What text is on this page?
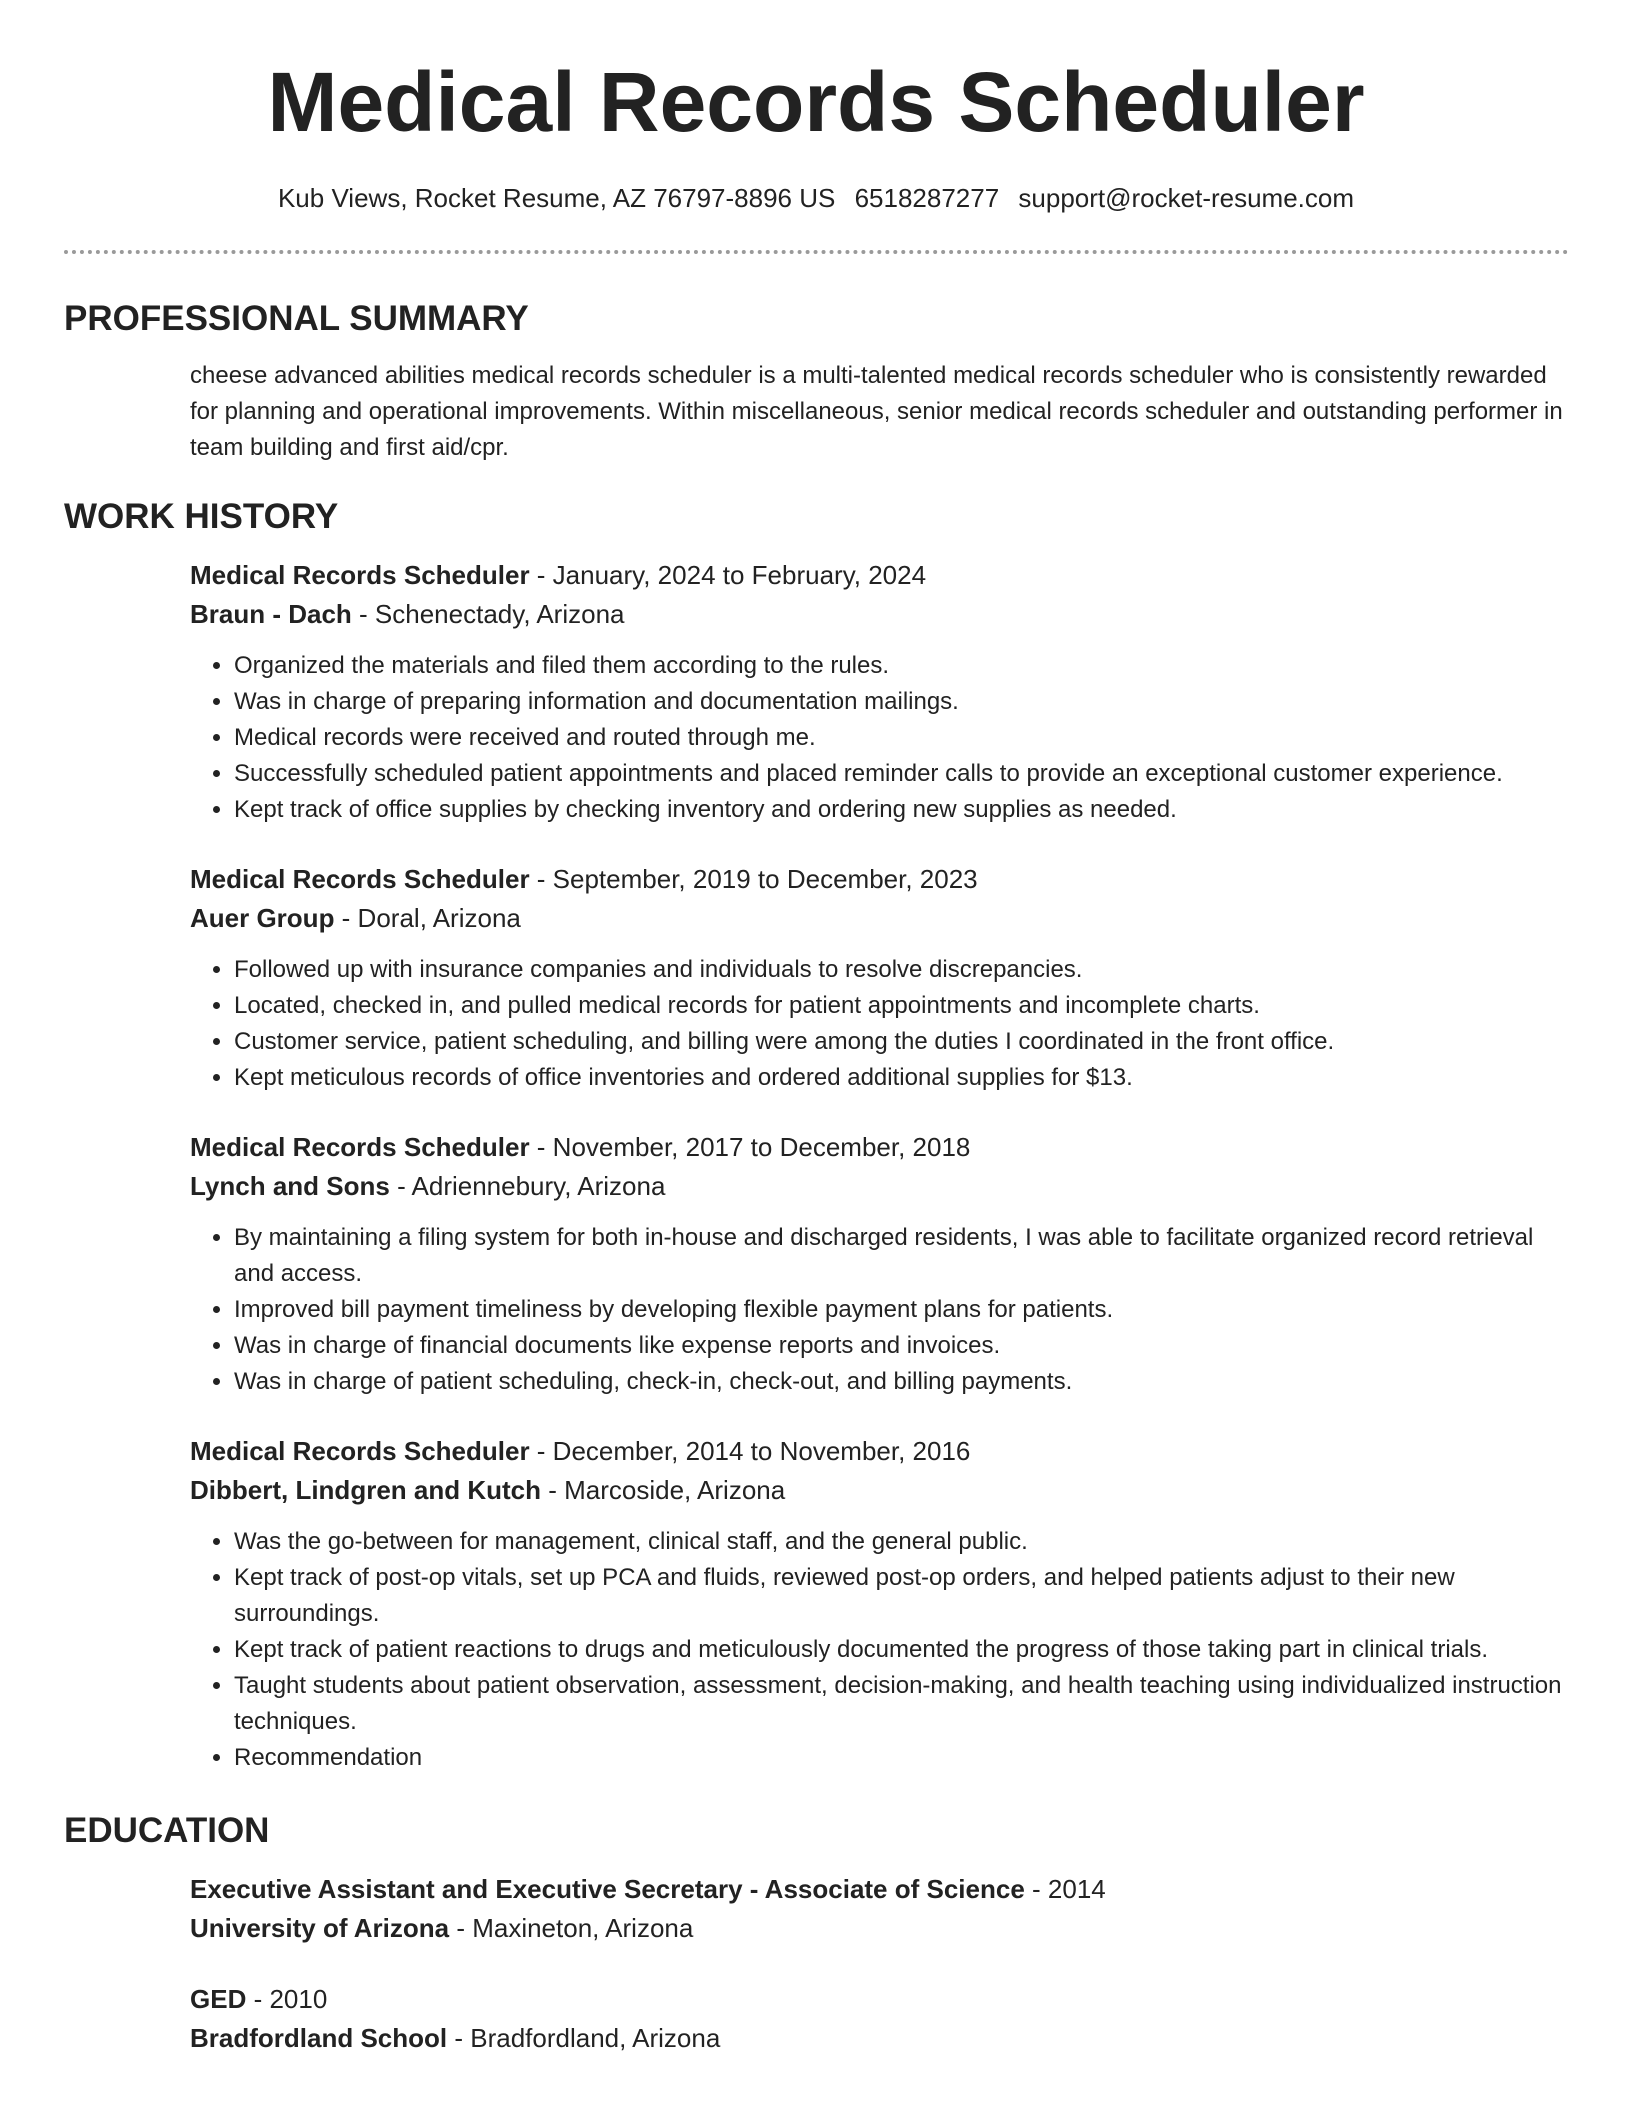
Medical Records Scheduler
Kub Views, Rocket Resume, AZ 76797-8896 US 6518287277 support@rocket-resume.com
PROFESSIONAL SUMMARY

cheese advanced abilities medical records scheduler is a multi-talented medical records scheduler who is consistently rewarded for planning and operational improvements. Within miscellaneous, senior medical records scheduler and outstanding performer in team building and first aid/cpr.

WORK HISTORY
Medical Records Scheduler - January, 2024 to February, 2024
Braun - Dach - Schenectady, Arizona
• Organized the materials and filed them according to the rules.
• Was in charge of preparing information and documentation mailings.
• Medical records were received and routed through me.
• Successfully scheduled patient appointments and placed reminder calls to provide an exceptional customer experience.
• Kept track of office supplies by checking inventory and ordering new supplies as needed.
Medical Records Scheduler - September, 2019 to December, 2023
Auer Group - Doral, Arizona
• Followed up with insurance companies and individuals to resolve discrepancies.
• Located, checked in, and pulled medical records for patient appointments and incomplete charts.
• Customer service, patient scheduling, and billing were among the duties I coordinated in the front office.
• Kept meticulous records of office inventories and ordered additional supplies for $13.
Medical Records Scheduler - November, 2017 to December, 2018
Lynch and Sons - Adriennebury, Arizona
• By maintaining a filing system for both in-house and discharged residents, I was able to facilitate organized record retrieval and access.
• Improved bill payment timeliness by developing flexible payment plans for patients.
• Was in charge of financial documents like expense reports and invoices.
• Was in charge of patient scheduling, check-in, check-out, and billing payments.
Medical Records Scheduler - December, 2014 to November, 2016
Dibbert, Lindgren and Kutch - Marcoside, Arizona
• Was the go-between for management, clinical staff, and the general public.
• Kept track of post-op vitals, set up PCA and fluids, reviewed post-op orders, and helped patients adjust to their new surroundings.
• Kept track of patient reactions to drugs and meticulously documented the progress of those taking part in clinical trials.
• Taught students about patient observation, assessment, decision-making, and health teaching using individualized instruction techniques.
• Recommendation
EDUCATION
Executive Assistant and Executive Secretary - Associate of Science - 2014
University of Arizona - Maxineton, Arizona
GED - 2010
Bradfordland School - Bradfordland, Arizona
